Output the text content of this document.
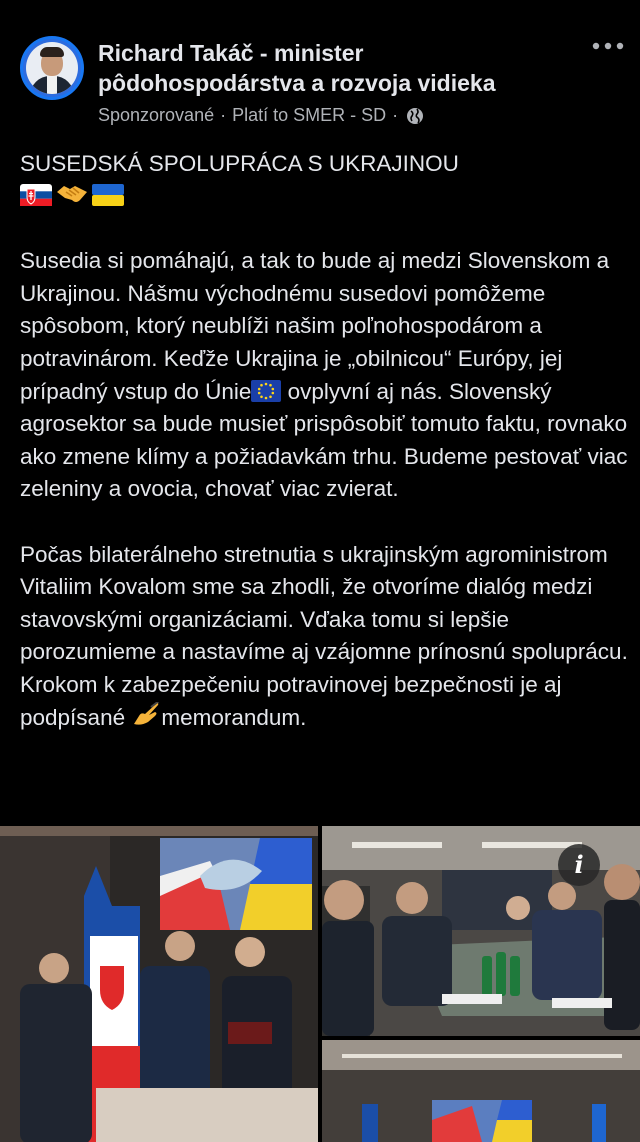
Richard Takáč - minister pôdohospodárstva a rozvoja vidieka
Sponzorované · Platí to SMER - SD ·

SUSEDSKÁ SPOLUPRÁCA S UKRAJINOU

Susedia si pomáhajú, a tak to bude aj medzi Slovenskom a Ukrajinou. Nášmu východnému susedovi pomôžeme spôsobom, ktorý neublíži našim poľnohospodárom a potravinárom. Keďže Ukrajina je „obilnicou“ Európy, jej prípadný vstup do Únie ovplyvní aj nás. Slovenský agrosektor sa bude musieť prispôsobiť tomuto faktu, rovnako ako zmene klímy a požiadavkám trhu. Budeme pestovať viac zeleniny a ovocia, chovať viac zvierat.

Počas bilaterálneho stretnutia s ukrajinským agroministrom Vitaliim Kovalom sme sa zhodli, že otvoríme dialóg medzi stavovskými organizáciami. Vďaka tomu si lepšie porozumieme a nastavíme aj vzájomne prínosnú spoluprácu. Krokom k zabezpečeniu potravinovej bezpečnosti je aj podpísané memorandum.

i
